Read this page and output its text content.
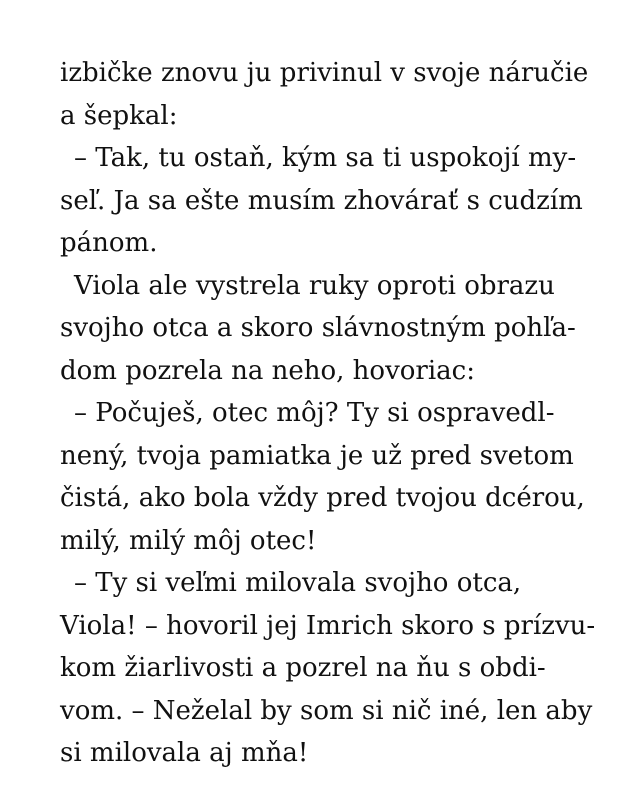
izbičke znovu ju privinul v svoje náručie
a šepkal:
– Tak, tu ostaň, kým sa ti uspokojí my-
seľ. Ja sa ešte musím zhovárať s cudzím
pánom.
Viola ale vystrela ruky oproti obrazu
svojho otca a skoro slávnostným pohľa-
dom pozrela na neho, hovoriac:
– Počuješ, otec môj? Ty si ospravedl-
nený, tvoja pamiatka je už pred svetom
čistá, ako bola vždy pred tvojou dcérou,
milý, milý môj otec!
– Ty si veľmi milovala svojho otca,
Viola! – hovoril jej Imrich skoro s prízvu-
kom žiarlivosti a pozrel na ňu s obdi-
vom. – Neželal by som si nič iné, len aby
si milovala aj mňa!
